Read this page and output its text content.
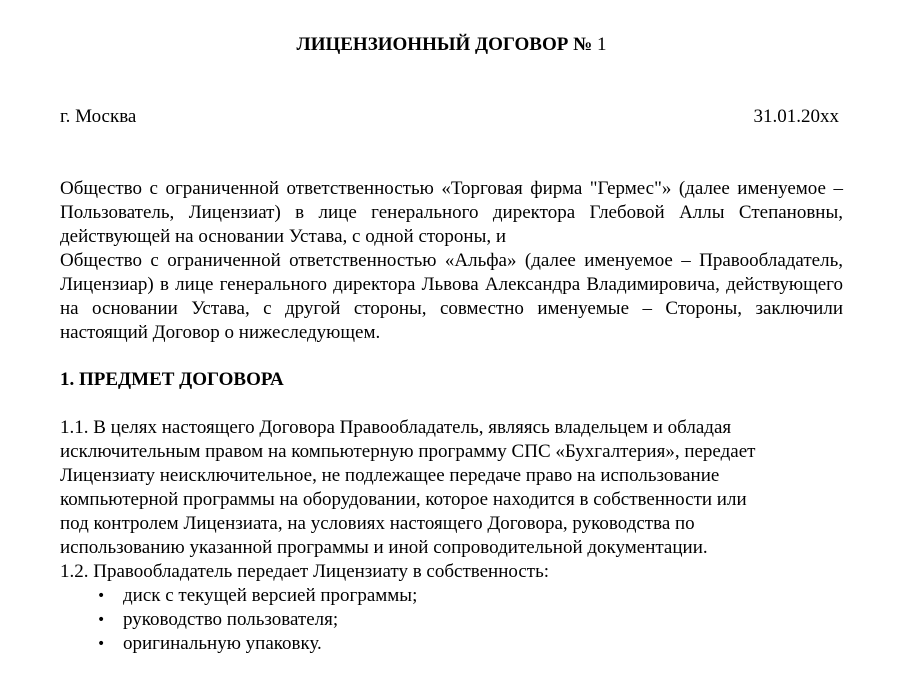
ЛИЦЕНЗИОННЫЙ ДОГОВОР № 1
г. Москва	31.01.20хх

Общество с ограниченной ответственностью «Торговая фирма "Гермес"» (далее именуемое – Пользователь, Лицензиат) в лице генерального директора Глебовой Аллы Степановны, действующей на основании Устава, с одной стороны, и

Общество с ограниченной ответственностью «Альфа» (далее именуемое – Правообладатель, Лицензиар) в лице генерального директора Львова Александра Владимировича, действующего на основании Устава, с другой стороны, совместно именуемые – Стороны, заключили настоящий Договор о нижеследующем.

1. ПРЕДМЕТ ДОГОВОРА

1.1. В целях настоящего Договора Правообладатель, являясь владельцем и обладая
исключительным правом на компьютерную программу СПС «Бухгалтерия», передает
Лицензиату неисключительное, не подлежащее передаче право на использование
компьютерной программы на оборудовании, которое находится в собственности или
под контролем Лицензиата, на условиях настоящего Договора, руководства по
использованию указанной программы и иной сопроводительной документации.

1.2. Правообладатель передает Лицензиату в собственность:

• диск с текущей версией программы;
• руководство пользователя;
• оригинальную упаковку.
